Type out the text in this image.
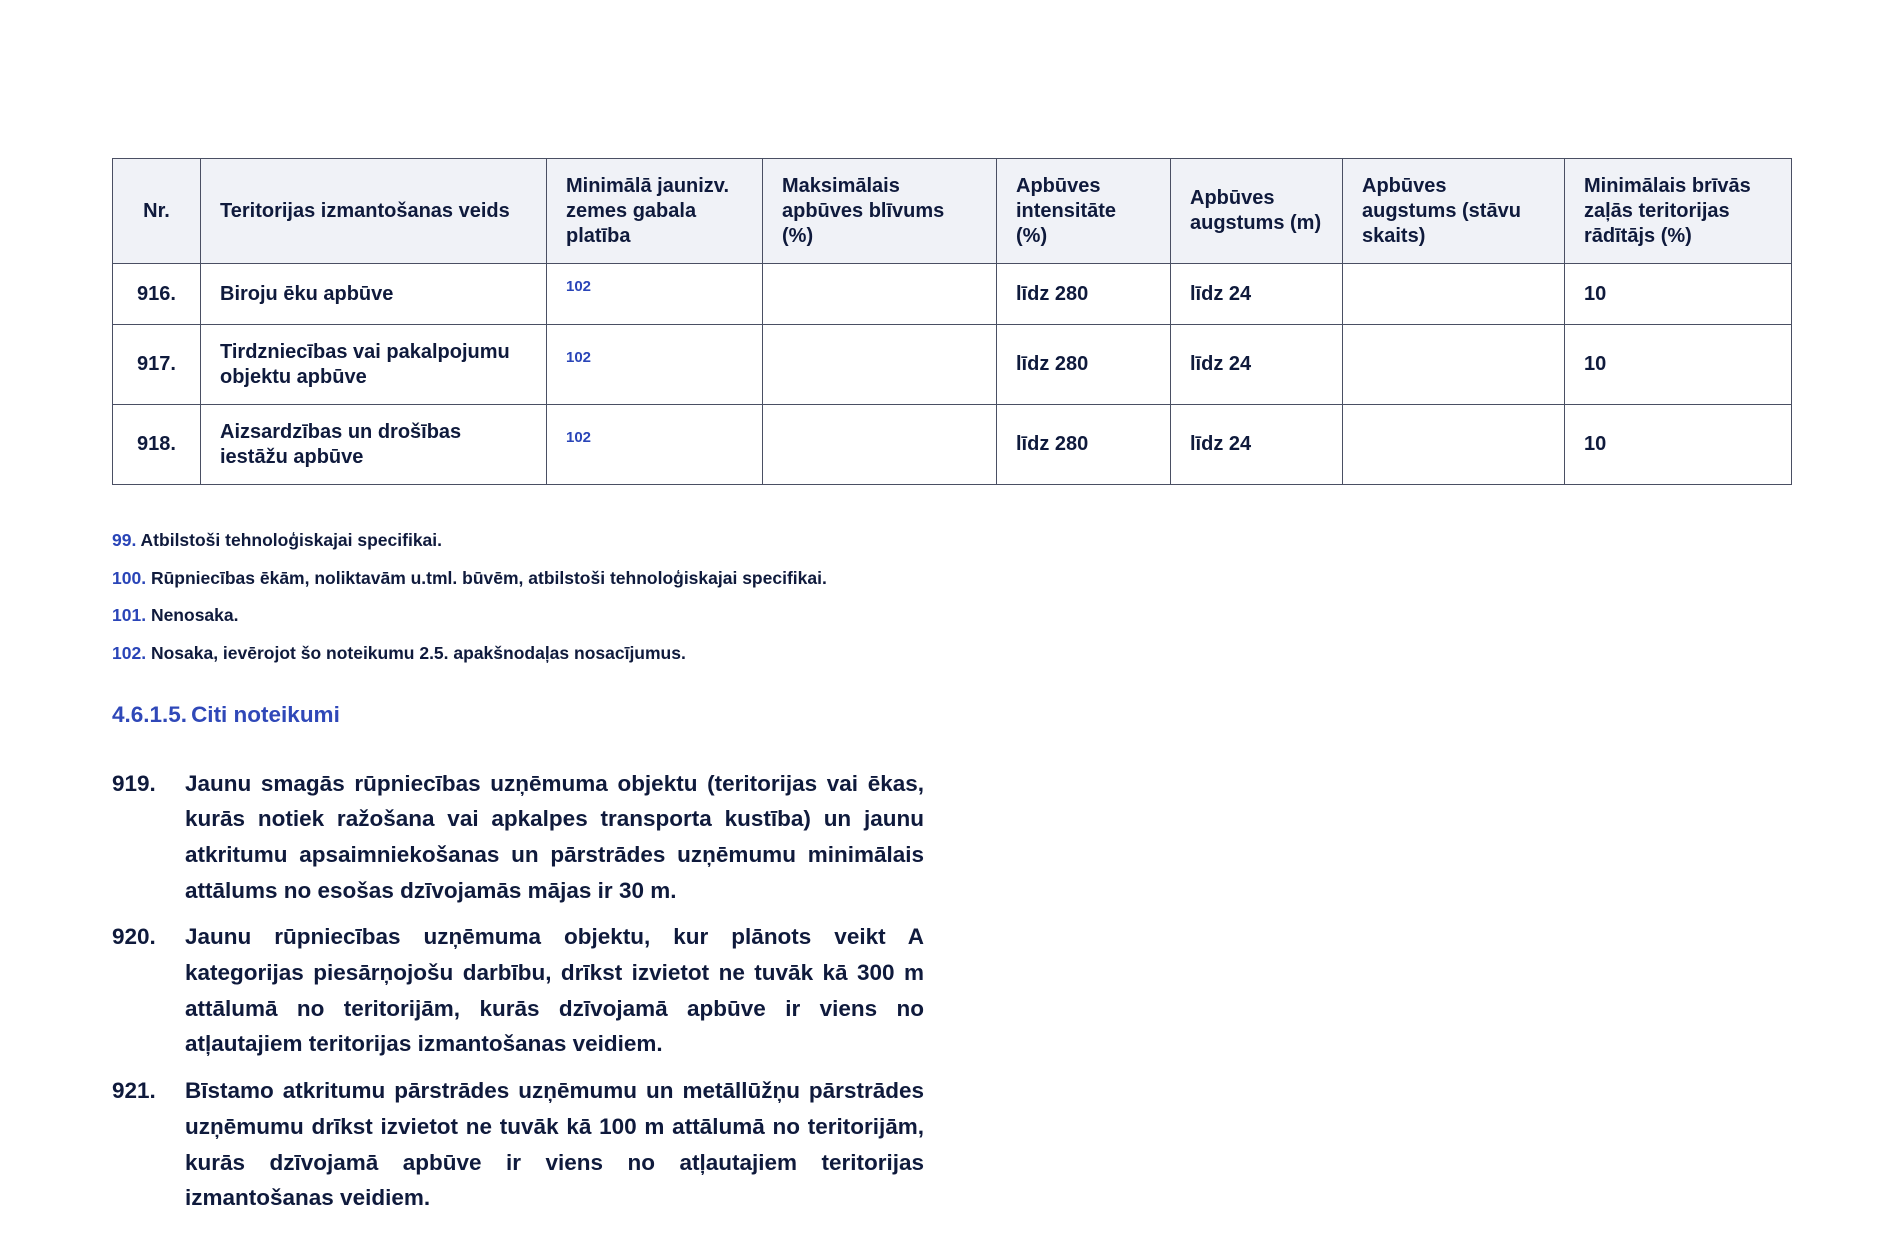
Nr.	Teritorijas izmantošanas veids	Minimālā jaunizv. zemes gabala platība	Maksimālais apbūves blīvums (%)	Apbūves intensitāte (%)	Apbūves augstums (m)	Apbūves augstums (stāvu skaits)	Minimālais brīvās zaļās teritorijas rādītājs (%)
916.	Biroju ēku apbūve	102		līdz 280	līdz 24		10
917.	Tirdzniecības vai pakalpojumu objektu apbūve	102		līdz 280	līdz 24		10
918.	Aizsardzības un drošības iestāžu apbūve	102		līdz 280	līdz 24		10
99. Atbilstoši tehnoloģiskajai specifikai.
100. Rūpniecības ēkām, noliktavām u.tml. būvēm, atbilstoši tehnoloģiskajai specifikai.
101. Nenosaka.
102. Nosaka, ievērojot šo noteikumu 2.5. apakšnodaļas nosacījumus.
4.6.1.5. Citi noteikumi
919.	Jaunu smagās rūpniecības uzņēmuma objektu (teritorijas vai ēkas, kurās notiek ražošana vai apkalpes transporta kustība) un jaunu atkritumu apsaimniekošanas un pārstrādes uzņēmumu minimālais attālums no esošas dzīvojamās mājas ir 30 m.
920.	Jaunu rūpniecības uzņēmuma objektu, kur plānots veikt A kategorijas piesārņojošu darbību, drīkst izvietot ne tuvāk kā 300 m attālumā no teritorijām, kurās dzīvojamā apbūve ir viens no atļautajiem teritorijas izmantošanas veidiem.
921.	Bīstamo atkritumu pārstrādes uzņēmumu un metāllūžņu pārstrādes uzņēmumu drīkst izvietot ne tuvāk kā 100 m attālumā no teritorijām, kurās dzīvojamā apbūve ir viens no atļautajiem teritorijas izmantošanas veidiem.
